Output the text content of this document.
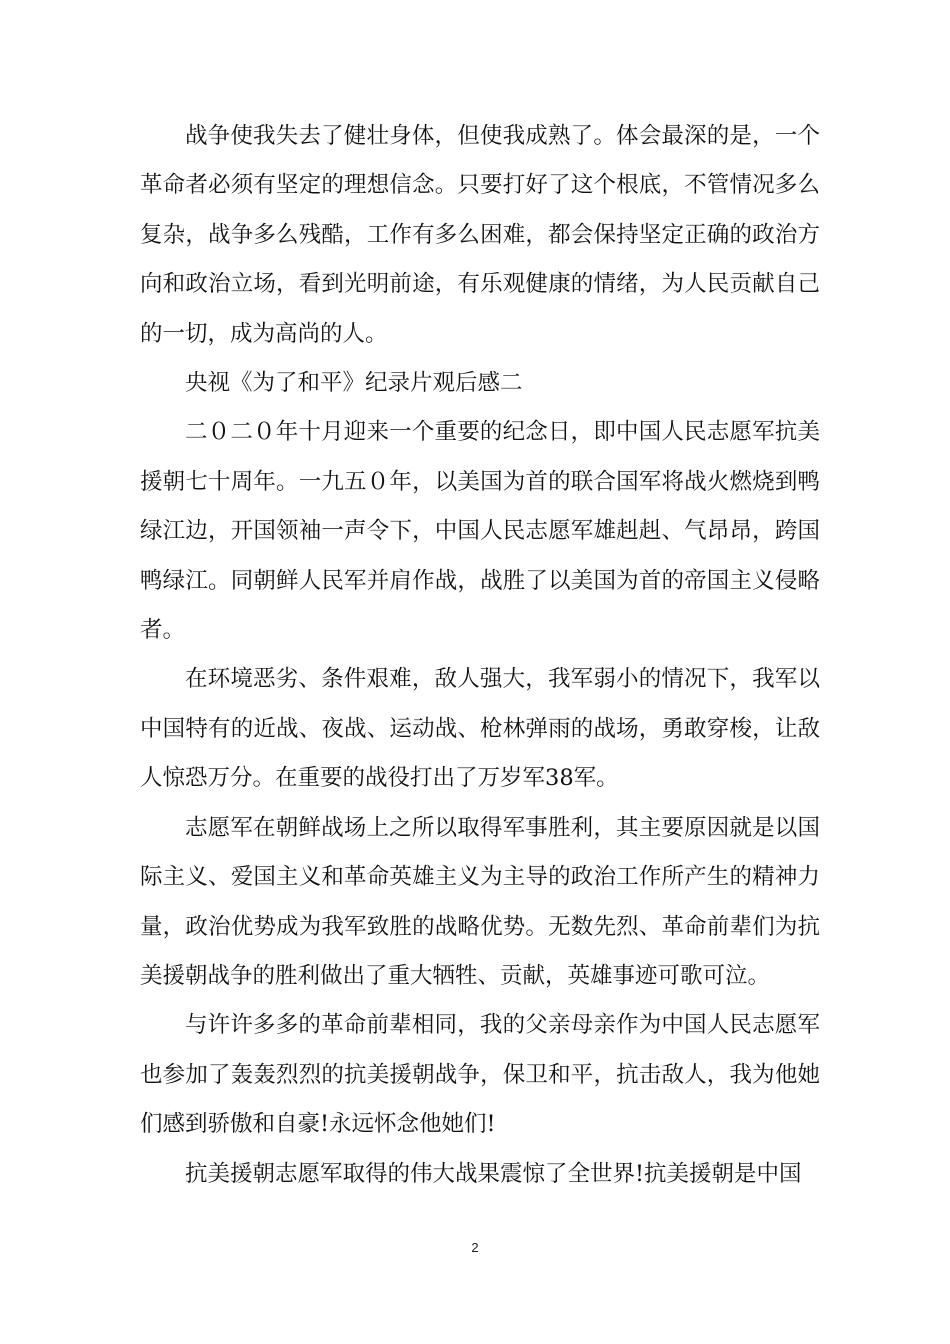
战争使我失去了健壮身体，但使我成熟了。体会最深的是，一个革命者必须有坚定的理想信念。只要打好了这个根底，不管情况多么复杂，战争多么残酷，工作有多么困难，都会保持坚定正确的政治方向和政治立场，看到光明前途，有乐观健康的情绪，为人民贡献自己的一切，成为高尚的人。

央视《为了和平》纪录片观后感二

二０二０年十月迎来一个重要的纪念日，即中国人民志愿军抗美援朝七十周年。一九五０年，以美国为首的联合国军将战火燃烧到鸭绿江边，开国领袖一声令下，中国人民志愿军雄赳赳、气昂昂，跨国鸭绿江。同朝鲜人民军并肩作战，战胜了以美国为首的帝国主义侵略者。

在环境恶劣、条件艰难，敌人强大，我军弱小的情况下，我军以中国特有的近战、夜战、运动战、枪林弹雨的战场，勇敢穿梭，让敌人惊恐万分。在重要的战役打出了万岁军38军。

志愿军在朝鲜战场上之所以取得军事胜利，其主要原因就是以国际主义、爱国主义和革命英雄主义为主导的政治工作所产生的精神力量，政治优势成为我军致胜的战略优势。无数先烈、革命前辈们为抗美援朝战争的胜利做出了重大牺牲、贡献，英雄事迹可歌可泣。

与许许多多的革命前辈相同，我的父亲母亲作为中国人民志愿军也参加了轰轰烈烈的抗美援朝战争，保卫和平，抗击敌人，我为他她们感到骄傲和自豪!永远怀念他她们!

抗美援朝志愿军取得的伟大战果震惊了全世界!抗美援朝是中国

2
